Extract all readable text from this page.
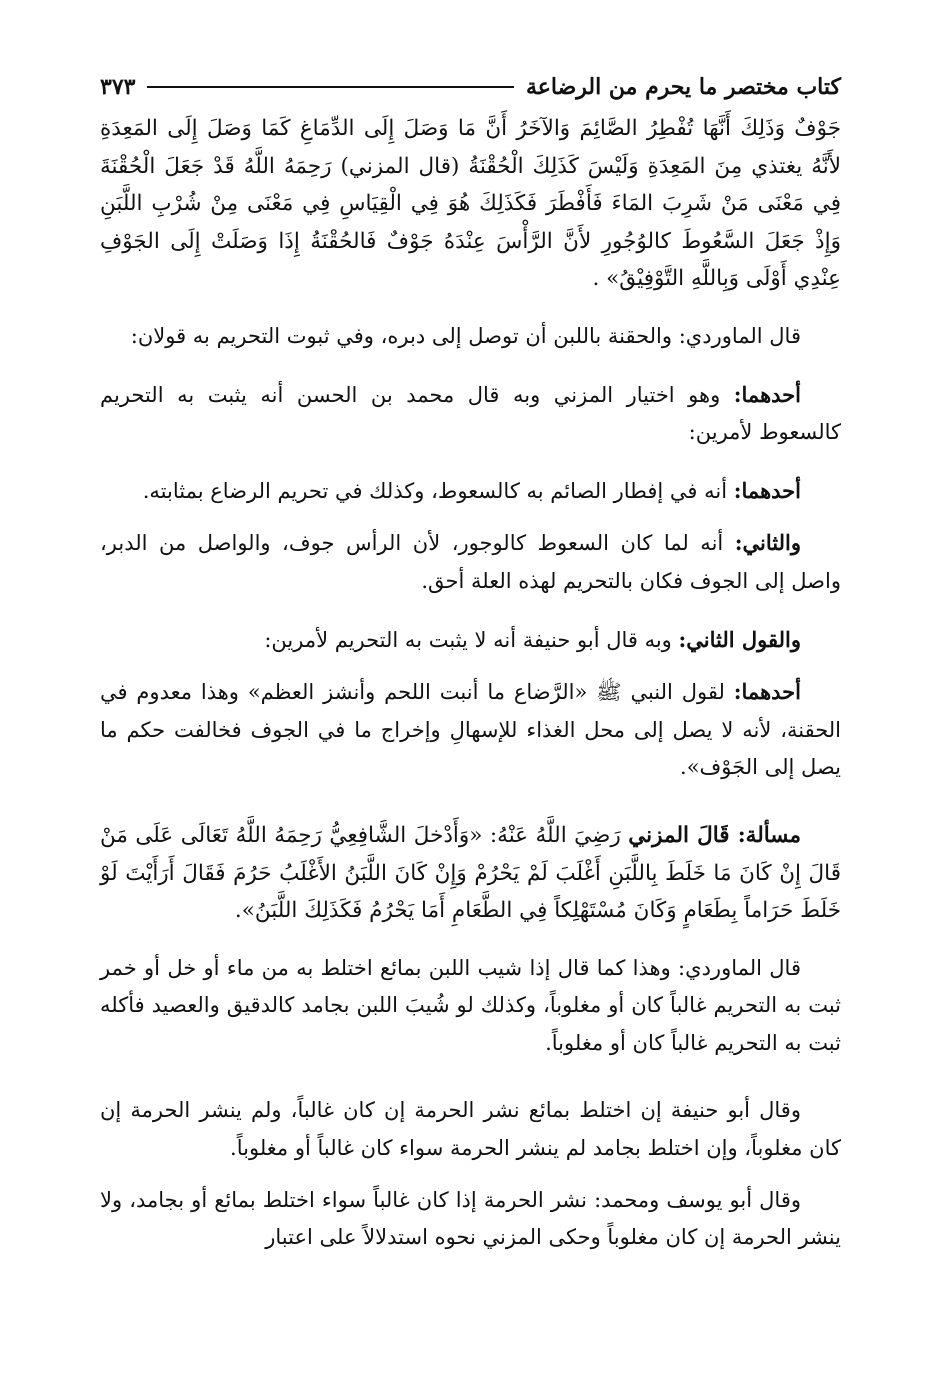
كتاب مختصر ما يحرم من الرضاعة
٣٧٣

جَوْفٌ وَذَلِكَ أَنَّهَا تُفْطِرُ الصَّائِمَ وَالآخَرُ أَنَّ مَا وَصَلَ إِلَى الدِّمَاغِ كَمَا وَصَلَ إِلَى المَعِدَةِ لأَنَّهُ يغتذي مِنَ المَعِدَةِ وَلَيْسَ كَذَلِكَ الْحُقْنَةُ (قال المزني) رَحِمَهُ اللَّهُ قَدْ جَعَلَ الْحُقْنَةَ فِي مَعْنَى مَنْ شَرِبَ المَاءَ فَأَفْطَرَ فَكَذَلِكَ هُوَ فِي الْقِيَاسِ فِي مَعْنَى مِنْ شُرْبِ اللَّبَنِ وَإِذْ جَعَلَ السَّعُوطَ كالوُجُورِ لأَنَّ الرَّأْسَ عِنْدَهُ جَوْفٌ فَالحُقْنَةُ إِذَا وَصَلَتْ إِلَى الجَوْفِ عِنْدِي أَوْلَى وَبِاللَّهِ التَّوْفِيْقُ» .

قال الماوردي: والحقنة باللبن أن توصل إلى دبره، وفي ثبوت التحريم به قولان:

أحدهما: وهو اختيار المزني وبه قال محمد بن الحسن أنه يثبت به التحريم كالسعوط لأمرين:

أحدهما: أنه في إفطار الصائم به كالسعوط، وكذلك في تحريم الرضاع بمثابته.

والثاني: أنه لما كان السعوط كالوجور، لأن الرأس جوف، والواصل من الدبر، واصل إلى الجوف فكان بالتحريم لهذه العلة أحق.

والقول الثاني: وبه قال أبو حنيفة أنه لا يثبت به التحريم لأمرين:

أحدهما: لقول النبي ﷺ «الرَّضاع ما أنبت اللحم وأنشز العظم» وهذا معدوم في الحقنة، لأنه لا يصل إلى محل الغذاء للإسهالِ وإخراج ما في الجوف فخالفت حكم ما يصل إلى الجَوْف».

مسألة: قَالَ المزني رَضِيَ اللَّهُ عَنْهُ: «وَأَدْخلَ الشَّافِعِيُّ رَحِمَهُ اللَّهُ تَعَالَى عَلَى مَنْ قَالَ إِنْ كَانَ مَا خَلَطَ بِاللَّبَنِ أَغْلَبَ لَمْ يَحْرُمْ وَإِنْ كَانَ اللَّبَنُ الأَغْلَبُ حَرُمَ فَقَالَ أَرَأَيْتَ لَوْ خَلَطَ حَرَاماً بِطَعَامٍ وَكَانَ مُسْتَهْلِكاً فِي الطَّعَامِ أَمَا يَحْرُمُ فَكَذَلِكَ اللَّبَنُ».

قال الماوردي: وهذا كما قال إذا شيب اللبن بمائع اختلط به من ماء أو خل أو خمر ثبت به التحريم غالباً كان أو مغلوباً، وكذلك لو شُيبَ اللبن بجامد كالدقيق والعصيد فأكله ثبت به التحريم غالباً كان أو مغلوباً.

وقال أبو حنيفة إن اختلط بمائع نشر الحرمة إن كان غالباً، ولم ينشر الحرمة إن كان مغلوباً، وإن اختلط بجامد لم ينشر الحرمة سواء كان غالباً أو مغلوباً.

وقال أبو يوسف ومحمد: نشر الحرمة إذا كان غالباً سواء اختلط بمائع أو بجامد، ولا ينشر الحرمة إن كان مغلوباً وحكى المزني نحوه استدلالاً على اعتبار
